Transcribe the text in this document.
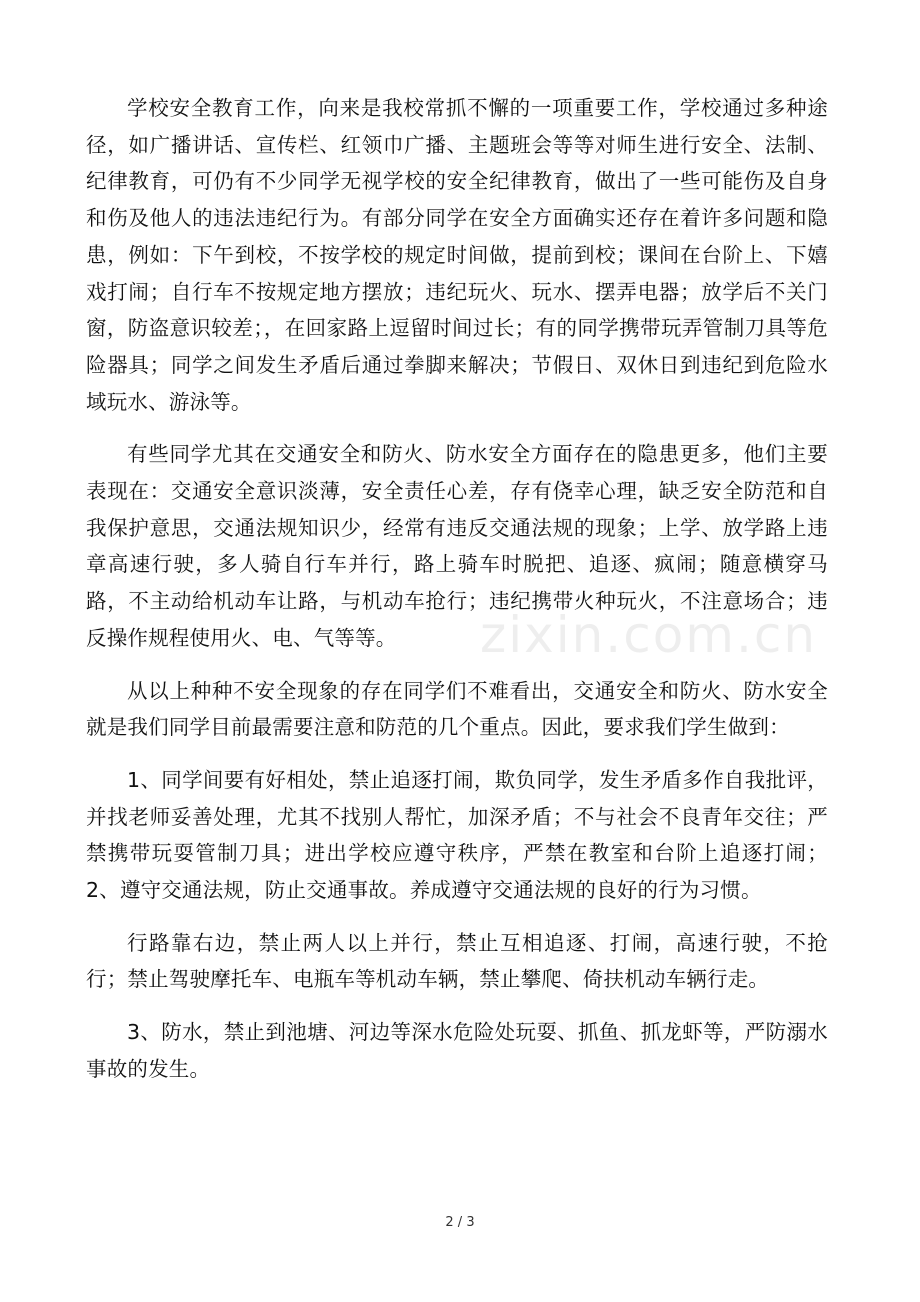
学校安全教育工作，向来是我校常抓不懈的一项重要工作，学校通过多种途径，如广播讲话、宣传栏、红领巾广播、主题班会等等对师生进行安全、法制、纪律教育，可仍有不少同学无视学校的安全纪律教育，做出了一些可能伤及自身和伤及他人的违法违纪行为。有部分同学在安全方面确实还存在着许多问题和隐患，例如：下午到校，不按学校的规定时间做，提前到校；课间在台阶上、下嬉戏打闹；自行车不按规定地方摆放；违纪玩火、玩水、摆弄电器；放学后不关门窗，防盗意识较差；，在回家路上逗留时间过长；有的同学携带玩弄管制刀具等危险器具；同学之间发生矛盾后通过拳脚来解决；节假日、双休日到违纪到危险水域玩水、游泳等。

有些同学尤其在交通安全和防火、防水安全方面存在的隐患更多，他们主要表现在：交通安全意识淡薄，安全责任心差，存有侥幸心理，缺乏安全防范和自我保护意思，交通法规知识少，经常有违反交通法规的现象；上学、放学路上违章高速行驶，多人骑自行车并行，路上骑车时脱把、追逐、疯闹；随意横穿马路，不主动给机动车让路，与机动车抢行；违纪携带火种玩火，不注意场合；违反操作规程使用火、电、气等等。

从以上种种不安全现象的存在同学们不难看出，交通安全和防火、防水安全就是我们同学目前最需要注意和防范的几个重点。因此，要求我们学生做到：

1、同学间要有好相处，禁止追逐打闹，欺负同学，发生矛盾多作自我批评，并找老师妥善处理，尤其不找别人帮忙，加深矛盾；不与社会不良青年交往；严禁携带玩耍管制刀具；进出学校应遵守秩序，严禁在教室和台阶上追逐打闹； 2、遵守交通法规，防止交通事故。养成遵守交通法规的良好的行为习惯。

行路靠右边，禁止两人以上并行，禁止互相追逐、打闹，高速行驶，不抢行；禁止驾驶摩托车、电瓶车等机动车辆，禁止攀爬、倚扶机动车辆行走。

3、防水，禁止到池塘、河边等深水危险处玩耍、抓鱼、抓龙虾等，严防溺水事故的发生。

zixin.com.cn
2 / 3
